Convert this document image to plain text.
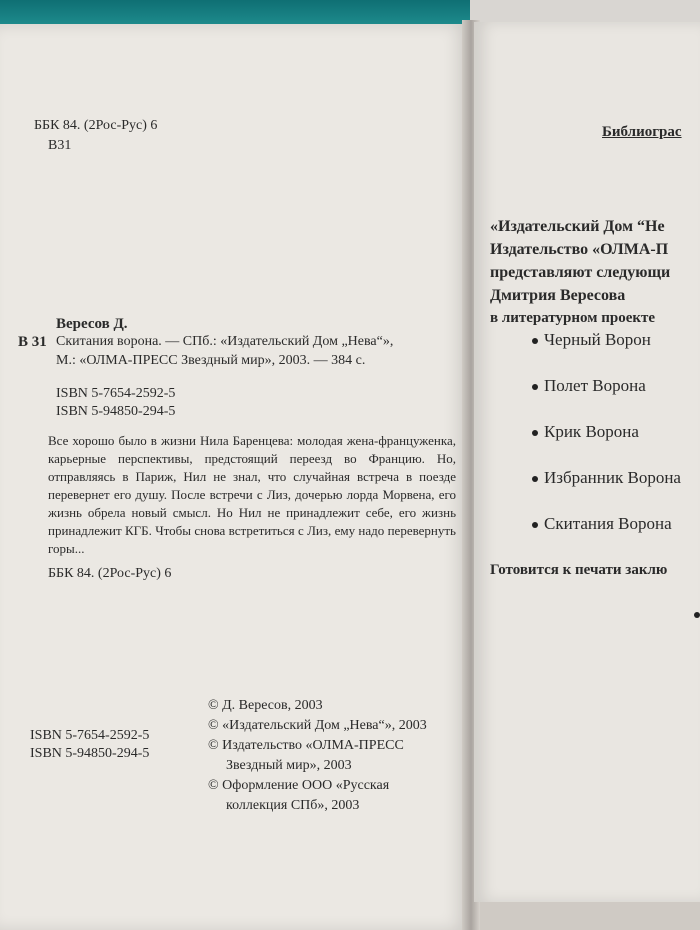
ББК 84. (2Рос-Рус) 6
В31
Вересов Д.
В 31 Скитания ворона. — СПб.: «Издательский Дом „Нева“»,
М.: «ОЛМА-ПРЕСС Звездный мир», 2003. — 384 с.
ISBN 5-7654-2592-5
ISBN 5-94850-294-5
Все хорошо было в жизни Нила Баренцева: молодая жена-француженка, карьерные перспективы, предстоящий переезд во Францию. Но, отправляясь в Париж, Нил не знал, что случайная встреча в поезде перевернет его душу. После встречи с Лиз, дочерью лорда Морвена, его жизнь обрела новый смысл. Но Нил не принадлежит себе, его жизнь принадлежит КГБ. Чтобы снова встретиться с Лиз, ему надо перевернуть горы...
ББК 84. (2Рос-Рус) 6
ISBN 5-7654-2592-5
ISBN 5-94850-294-5
© Д. Вересов, 2003
© «Издательский Дом „Нева“», 2003
© Издательство «ОЛМА-ПРЕСС
Звездный мир», 2003
© Оформление ООО «Русская
коллекция СПб», 2003
Библиограс
«Издательский Дом “Не
Издательство «ОЛМА-П
представляют следующи
Дмитрия Вересова
в литературном проекте
Черный Ворон
Полет Ворона
Крик Ворона
Избранник Ворона
Скитания Ворона
Готовится к печати заклю
